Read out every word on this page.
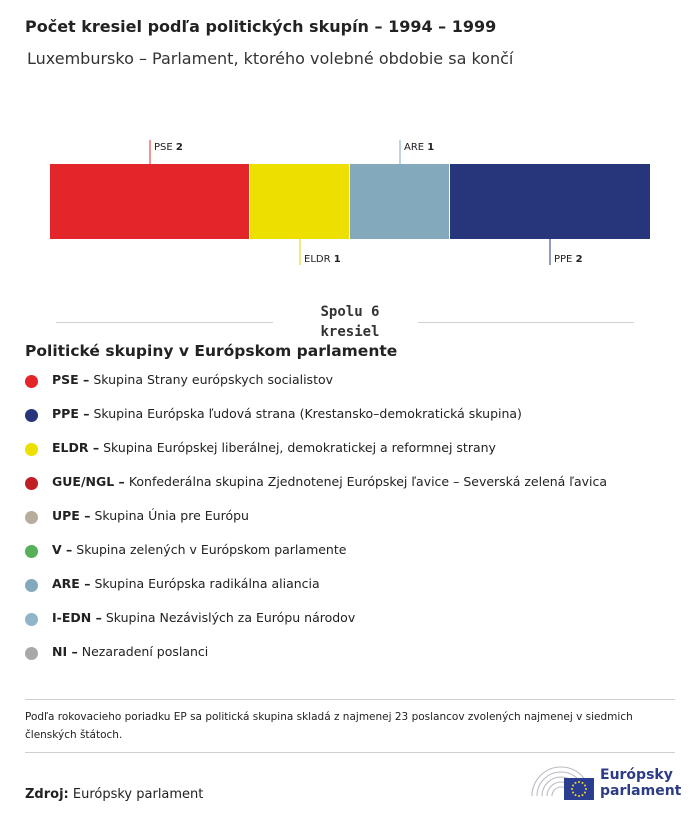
Počet kresiel podľa politických skupín – 1994 – 1999
Luxembursko – Parlament, ktorého volebné obdobie sa končí
PSE 2
ELDR 1
ARE 1
PPE 2
Spolu 6
kresiel
Politické skupiny v Európskom parlamente
PSE – Skupina Strany európskych socialistov
PPE – Skupina Európska ľudová strana (Krestansko–demokratická skupina)
ELDR – Skupina Európskej liberálnej, demokratickej a reformnej strany
GUE/NGL – Konfederálna skupina Zjednotenej Európskej ľavice – Severská zelená ľavica
UPE – Skupina Únia pre Európu
V – Skupina zelených v Európskom parlamente
ARE – Skupina Európska radikálna aliancia
I-EDN – Skupina Nezávislých za Európu národov
NI – Nezaradení poslanci
Podľa rokovacieho poriadku EP sa politická skupina skladá z najmenej 23 poslancov zvolených najmenej v siedmich členských štátoch.
Zdroj: Európsky parlament
Európsky
parlament
